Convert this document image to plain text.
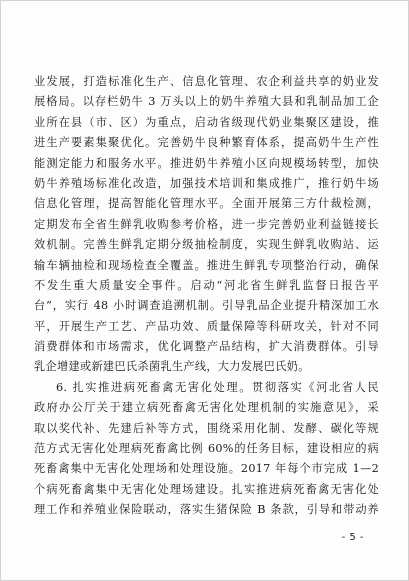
业发展，打造标准化生产、信息化管理、农企利益共享的奶业发
展格局。以存栏奶牛 3 万头以上的奶牛养殖大县和乳制品加工企
业所在县（市、区）为重点，启动省级现代奶业集聚区建设，推
进生产要素集聚优化。完善奶牛良种繁育体系，提高奶牛生产性
能测定能力和服务水平。推进奶牛养殖小区向规模场转型，加快
奶牛养殖场标准化改造，加强技术培训和集成推广，推行奶牛场
信息化管理，提高智能化管理水平。全面开展第三方什裁检测，
定期发布全省生鲜乳收购参考价格，进一步完善奶业利益链接长
效机制。完善生鲜乳定期分级抽检制度，实现生鲜乳收购站、运
输车辆抽检和现场检查全覆盖。推进生鲜乳专项整治行动，确保
不发生重大质量安全事件。启动“河北省生鲜乳监督日报告平
台”，实行 48 小时调查追溯机制。引导乳品企业提升精深加工水
平，开展生产工艺、产品功效、质量保障等科研攻关，针对不同
消费群体和市场需求，优化调整产品结构，扩大消费群体。引导
乳企增建或新建巴氏杀菌乳生产线，大力发展巴氏奶。
6. 扎实推进病死畜禽无害化处理。贯彻落实《河北省人民
政府办公厅关于建立病死畜禽无害化处理机制的实施意见》，采
取以奖代补、先建后补等方式，围绕采用化制、发酵、碳化等规
范方式无害化处理病死畜禽比例 60%的任务目标，建设相应的病
死畜禽集中无害化处理场和处理设施。2017 年每个市完成 1—2
个病死畜禽集中无害化处理场建设。扎实推进病死畜禽无害化处
理工作和养殖业保险联动，落实生猪保险 B 条款，引导和带动养
- 5 -
